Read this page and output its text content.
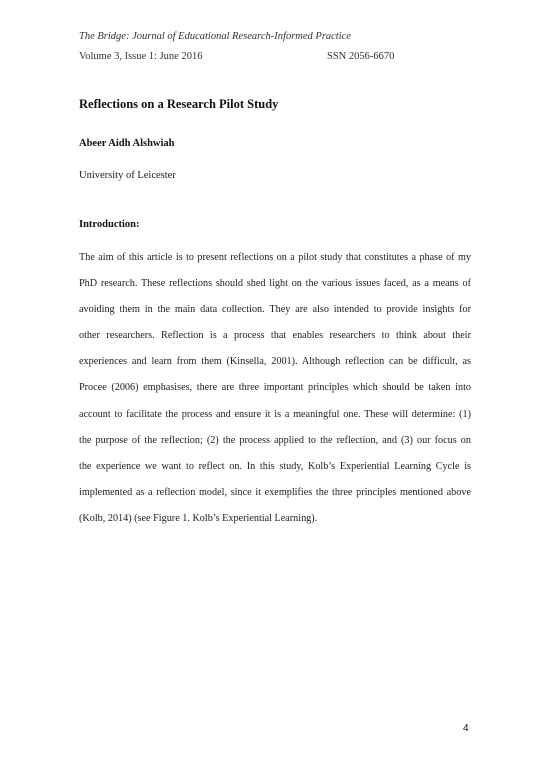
The Bridge: Journal of Educational Research-Informed Practice
Volume 3, Issue 1: June 2016	SSN 2056-6670
Reflections on a Research Pilot Study
Abeer Aidh Alshwiah
University of Leicester
Introduction:
The aim of this article is to present reflections on a pilot study that constitutes a phase of my
PhD research. These reflections should shed light on the various issues faced, as a means of
avoiding them in the main data collection. They are also intended to provide insights for
other researchers. Reflection is a process that enables researchers to think about their
experiences and learn from them (Kinsella, 2001). Although reflection can be difficult, as
Procee (2006) emphasises, there are three important principles which should be taken into
account to facilitate the process and ensure it is a meaningful one. These will determine: (1)
the purpose of the reflection; (2) the process applied to the reflection, and (3) our focus on
the experience we want to reflect on. In this study, Kolb’s Experiential Learning Cycle is
implemented as a reflection model, since it exemplifies the three principles mentioned above
(Kolb, 2014) (see Figure 1. Kolb’s Experiential Learning).
4
